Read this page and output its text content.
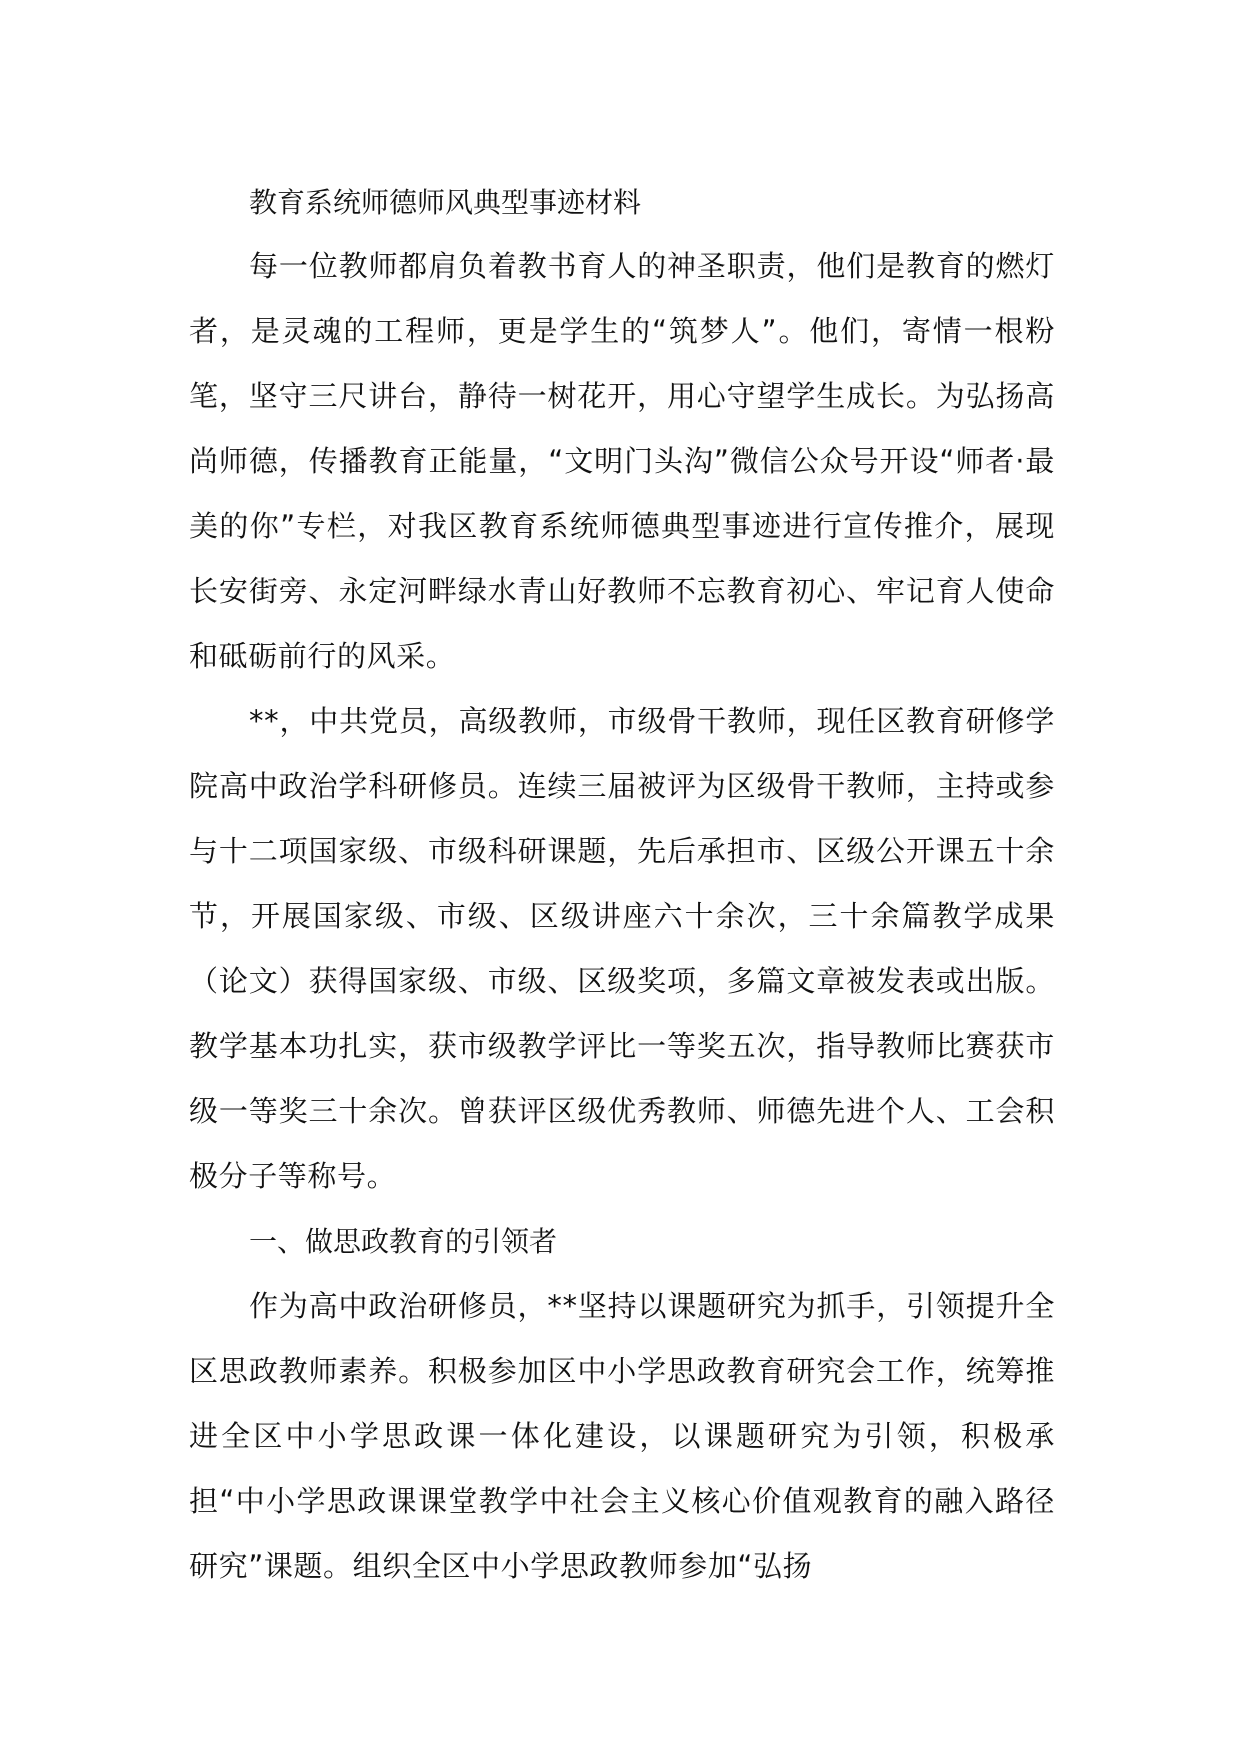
教育系统师德师风典型事迹材料

每一位教师都肩负着教书育人的神圣职责，他们是教育的燃灯者，是灵魂的工程师，更是学生的“筑梦人”。他们，寄情一根粉笔，坚守三尺讲台，静待一树花开，用心守望学生成长。为弘扬高尚师德，传播教育正能量，“文明门头沟”微信公众号开设“师者·最美的你”专栏，对我区教育系统师德典型事迹进行宣传推介，展现长安街旁、永定河畔绿水青山好教师不忘教育初心、牢记育人使命和砥砺前行的风采。

**，中共党员，高级教师，市级骨干教师，现任区教育研修学院高中政治学科研修员。连续三届被评为区级骨干教师，主持或参与十二项国家级、市级科研课题，先后承担市、区级公开课五十余节，开展国家级、市级、区级讲座六十余次，三十余篇教学成果（论文）获得国家级、市级、区级奖项，多篇文章被发表或出版。教学基本功扎实，获市级教学评比一等奖五次，指导教师比赛获市级一等奖三十余次。曾获评区级优秀教师、师德先进个人、工会积极分子等称号。

一、做思政教育的引领者

作为高中政治研修员，**坚持以课题研究为抓手，引领提升全区思政教师素养。积极参加区中小学思政教育研究会工作，统筹推进全区中小学思政课一体化建设，以课题研究为引领，积极承担“中小学思政课课堂教学中社会主义核心价值观教育的融入路径研究”课题。组织全区中小学思政教师参加“弘扬
